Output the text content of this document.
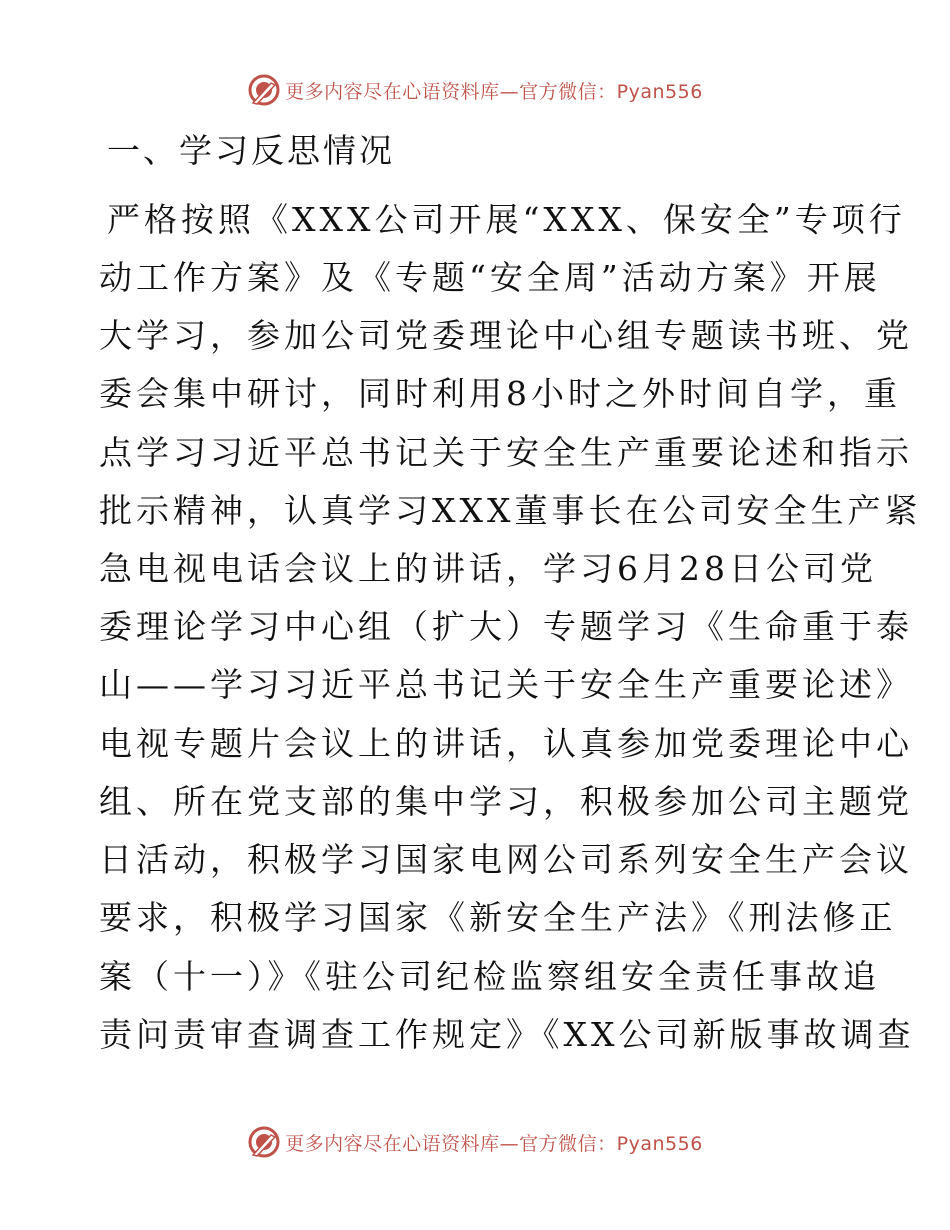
更多内容尽在心语资料库—官方微信：Pyan556
一、学习反思情况
严格按照《XXX公司开展“XXX、保安全”专项行
动工作方案》及《专题“安全周”活动方案》开展
大学习，参加公司党委理论中心组专题读书班、党
委会集中研讨，同时利用8小时之外时间自学，重
点学习习近平总书记关于安全生产重要论述和指示
批示精神，认真学习XXX董事长在公司安全生产紧
急电视电话会议上的讲话，学习6月28日公司党
委理论学习中心组（扩大）专题学习《生命重于泰
山——学习习近平总书记关于安全生产重要论述》
电视专题片会议上的讲话，认真参加党委理论中心
组、所在党支部的集中学习，积极参加公司主题党
日活动，积极学习国家电网公司系列安全生产会议
要求，积极学习国家《新安全生产法》《刑法修正
案（十一）》《驻公司纪检监察组安全责任事故追
责问责审查调查工作规定》《XX公司新版事故调查
更多内容尽在心语资料库—官方微信：Pyan556
